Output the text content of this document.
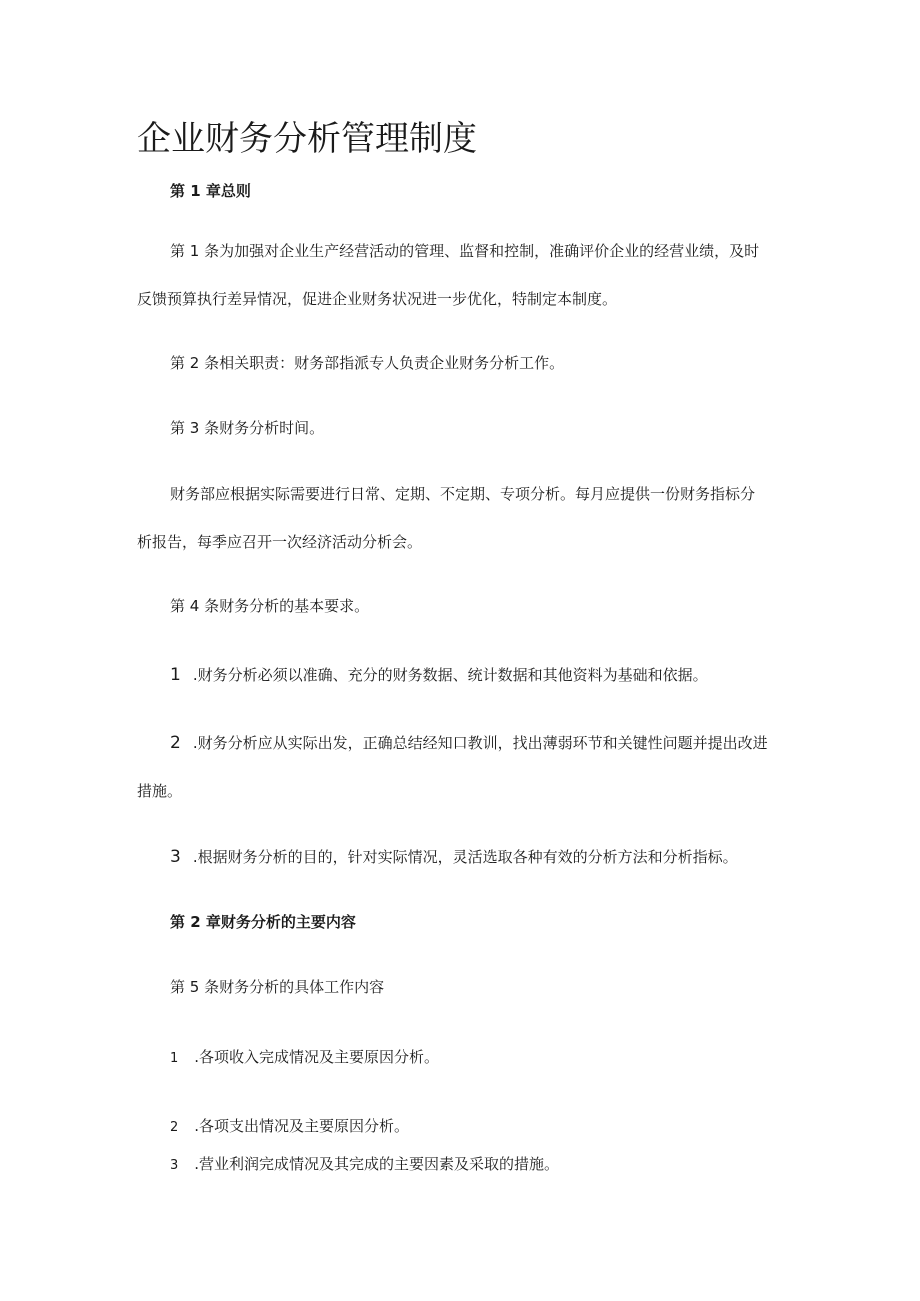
企业财务分析管理制度

第 1 章总则

第 1 条为加强对企业生产经营活动的管理、监督和控制，准确评价企业的经营业绩，及时

反馈预算执行差异情况，促进企业财务状况进一步优化，特制定本制度。

第 2 条相关职责：财务部指派专人负责企业财务分析工作。

第 3 条财务分析时间。

财务部应根据实际需要进行日常、定期、不定期、专项分析。每月应提供一份财务指标分

析报告，每季应召开一次经济活动分析会。

第 4 条财务分析的基本要求。

1 .财务分析必须以准确、充分的财务数据、统计数据和其他资料为基础和依据。

2 .财务分析应从实际出发，正确总结经知口教训，找出薄弱环节和关键性问题并提出改进

措施。

3 .根据财务分析的目的，针对实际情况，灵活选取各种有效的分析方法和分析指标。

第 2 章财务分析的主要内容

第 5 条财务分析的具体工作内容

1 .各项收入完成情况及主要原因分析。

2 .各项支出情况及主要原因分析。

3 .营业利润完成情况及其完成的主要因素及采取的措施。
